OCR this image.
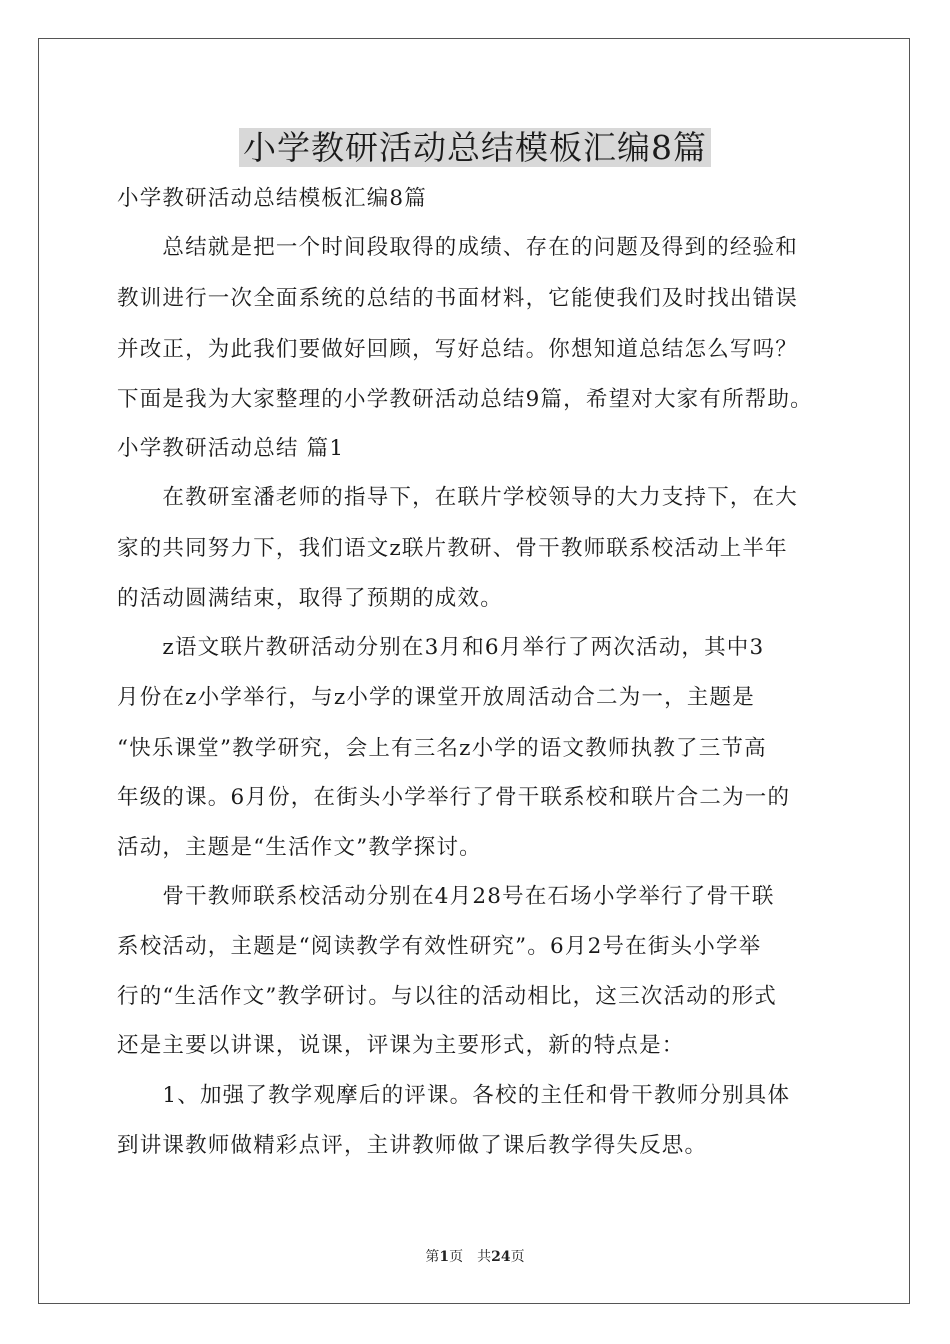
小学教研活动总结模板汇编8篇
小学教研活动总结模板汇编8篇
　　总结就是把一个时间段取得的成绩、存在的问题及得到的经验和
教训进行一次全面系统的总结的书面材料，它能使我们及时找出错误
并改正，为此我们要做好回顾，写好总结。你想知道总结怎么写吗？
下面是我为大家整理的小学教研活动总结9篇，希望对大家有所帮助。
小学教研活动总结 篇1
　　在教研室潘老师的指导下，在联片学校领导的大力支持下，在大
家的共同努力下，我们语文z联片教研、骨干教师联系校活动上半年
的活动圆满结束，取得了预期的成效。
　　z语文联片教研活动分别在3月和6月举行了两次活动，其中3
月份在z小学举行，与z小学的课堂开放周活动合二为一，主题是
“快乐课堂”教学研究，会上有三名z小学的语文教师执教了三节高
年级的课。6月份，在街头小学举行了骨干联系校和联片合二为一的
活动，主题是“生活作文”教学探讨。
　　骨干教师联系校活动分别在4月28号在石场小学举行了骨干联
系校活动，主题是“阅读教学有效性研究”。6月2号在街头小学举
行的“生活作文”教学研讨。与以往的活动相比，这三次活动的形式
还是主要以讲课，说课，评课为主要形式，新的特点是：
　　1、加强了教学观摩后的评课。各校的主任和骨干教师分别具体
到讲课教师做精彩点评，主讲教师做了课后教学得失反思。
第1页　共24页
